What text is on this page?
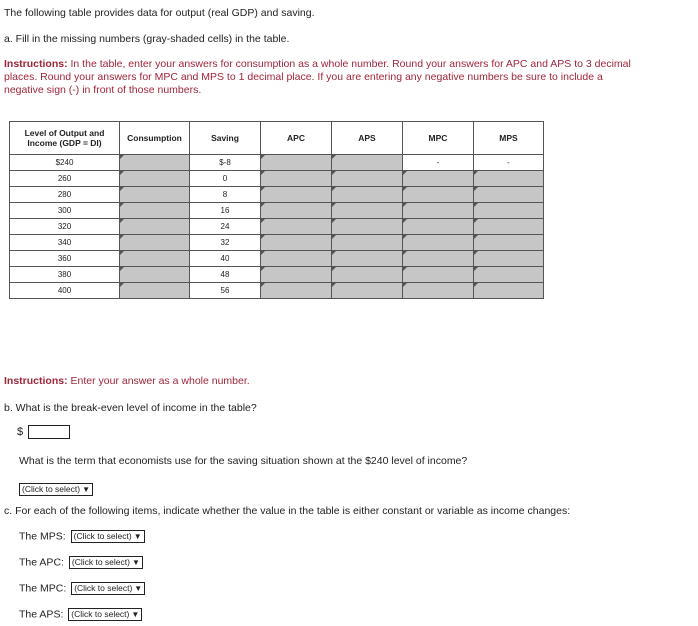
The following table provides data for output (real GDP) and saving.

a. Fill in the missing numbers (gray-shaded cells) in the table.

Instructions: In the table, enter your answers for consumption as a whole number. Round your answers for APC and APS to 3 decimal

places. Round your answers for MPC and MPS to 1 decimal place. If you are entering any negative numbers be sure to include a

negative sign (-) in front of those numbers.

Level of Output and Income (GDP = DI)	Consumption	Saving	APC	APS	MPC	MPS
$240		$-8			-	-
260		0				
280		8				
300		16				
320		24				
340		32				
360		40				
380		48				
400		56				

Instructions: Enter your answer as a whole number.

b. What is the break-even level of income in the table?

$

What is the term that economists use for the saving situation shown at the $240 level of income?

(Click to select) ▼

c. For each of the following items, indicate whether the value in the table is either constant or variable as income changes:

The MPS: (Click to select) ▼
The APC: (Click to select) ▼
The MPC: (Click to select) ▼
The APS: (Click to select) ▼
